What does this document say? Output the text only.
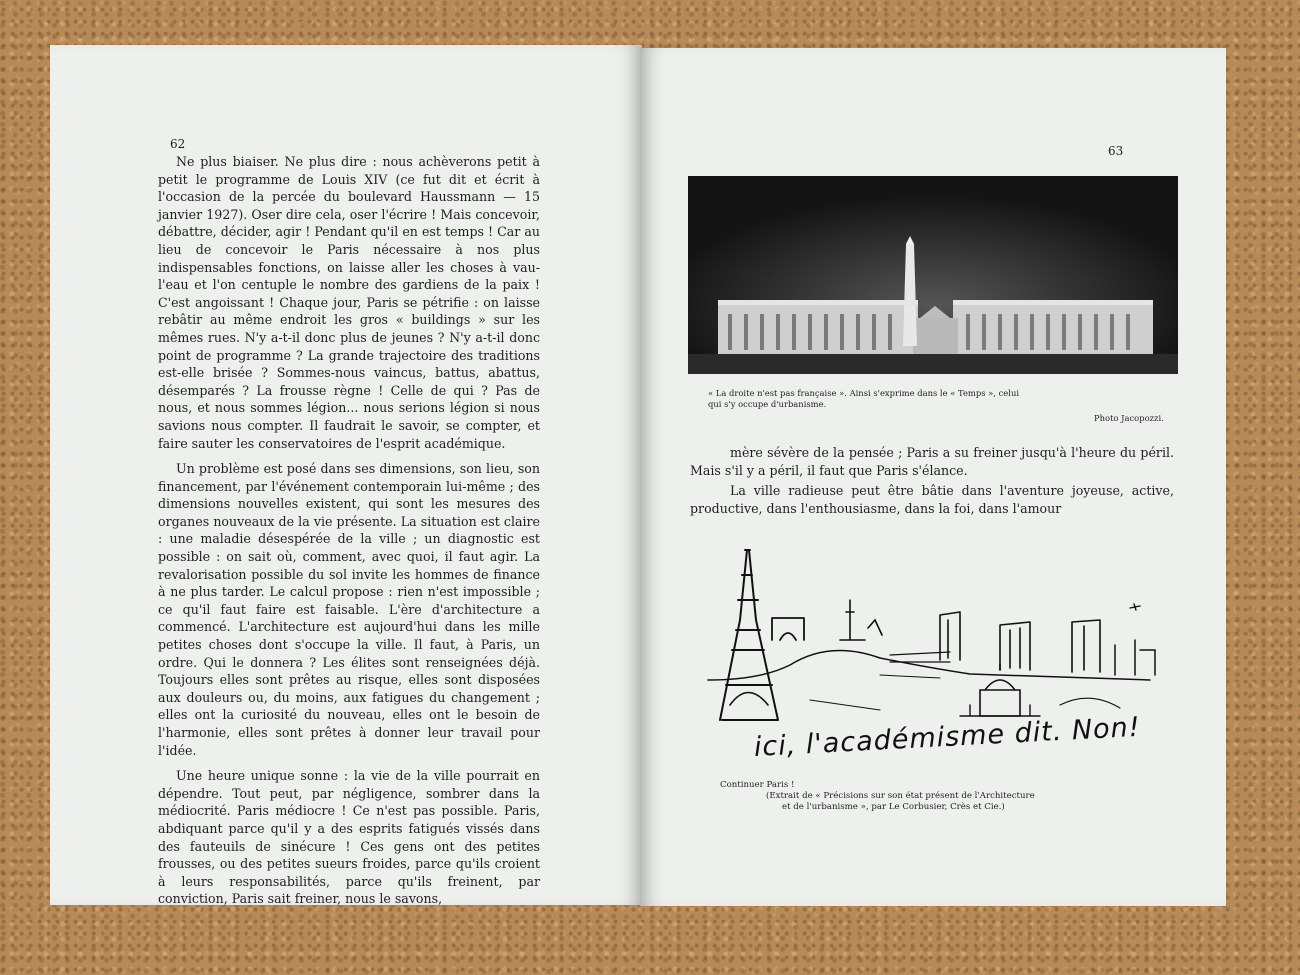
62

Ne plus biaiser. Ne plus dire : nous achèverons petit à petit le programme de Louis XIV (ce fut dit et écrit à l'occasion de la percée du boulevard Haussmann — 15 janvier 1927). Oser dire cela, oser l'écrire ! Mais concevoir, débattre, décider, agir ! Pendant qu'il en est temps ! Car au lieu de concevoir le Paris nécessaire à nos plus indispensables fonctions, on laisse aller les choses à vau-l'eau et l'on centuple le nombre des gardiens de la paix ! C'est angoissant ! Chaque jour, Paris se pétrifie : on laisse rebâtir au même endroit les gros « buildings » sur les mêmes rues. N'y a-t-il donc plus de jeunes ? N'y a-t-il donc point de programme ? La grande trajectoire des traditions est-elle brisée ? Sommes-nous vaincus, battus, abattus, désemparés ? La frousse règne ! Celle de qui ? Pas de nous, et nous sommes légion... nous serions légion si nous savions nous compter. Il faudrait le savoir, se compter, et faire sauter les conservatoires de l'esprit académique.

Un problème est posé dans ses dimensions, son lieu, son financement, par l'événement contemporain lui-même ; des dimensions nouvelles existent, qui sont les mesures des organes nouveaux de la vie présente. La situation est claire : une maladie désespérée de la ville ; un diagnostic est possible : on sait où, comment, avec quoi, il faut agir. La revalorisation possible du sol invite les hommes de finance à ne plus tarder. Le calcul propose : rien n'est impossible ; ce qu'il faut faire est faisable. L'ère d'architecture a commencé. L'architecture est aujourd'hui dans les mille petites choses dont s'occupe la ville. Il faut, à Paris, un ordre. Qui le donnera ? Les élites sont renseignées déjà. Toujours elles sont prêtes au risque, elles sont disposées aux douleurs ou, du moins, aux fatigues du changement ; elles ont la curiosité du nouveau, elles ont le besoin de l'harmonie, elles sont prêtes à donner leur travail pour l'idée.

Une heure unique sonne : la vie de la ville pourrait en dépendre. Tout peut, par négligence, sombrer dans la médiocrité. Paris médiocre ! Ce n'est pas possible. Paris, abdiquant parce qu'il y a des esprits fatigués vissés dans des fauteuils de sinécure ! Ces gens ont des petites frousses, ou des petites sueurs froides, parce qu'ils croient à leurs responsabilités, parce qu'ils freinent, par conviction, Paris sait freiner, nous le savons,

63
« La droite n'est pas française ». Ainsi s'exprime dans le « Temps », celui
qui s'y occupe d'urbanisme.
Photo Jacopozzi.

mère sévère de la pensée ; Paris a su freiner jusqu'à l'heure du péril. Mais s'il y a péril, il faut que Paris s'élance.

La ville radieuse peut être bâtie dans l'aventure joyeuse, active, productive, dans l'enthousiasme, dans la foi, dans l'amour

ici, l'académisme dit. Non!
Continuer Paris !
(Extrait de « Précisions sur son état présent de l'Architecture
et de l'urbanisme », par Le Corbusier, Crès et Cie.)
